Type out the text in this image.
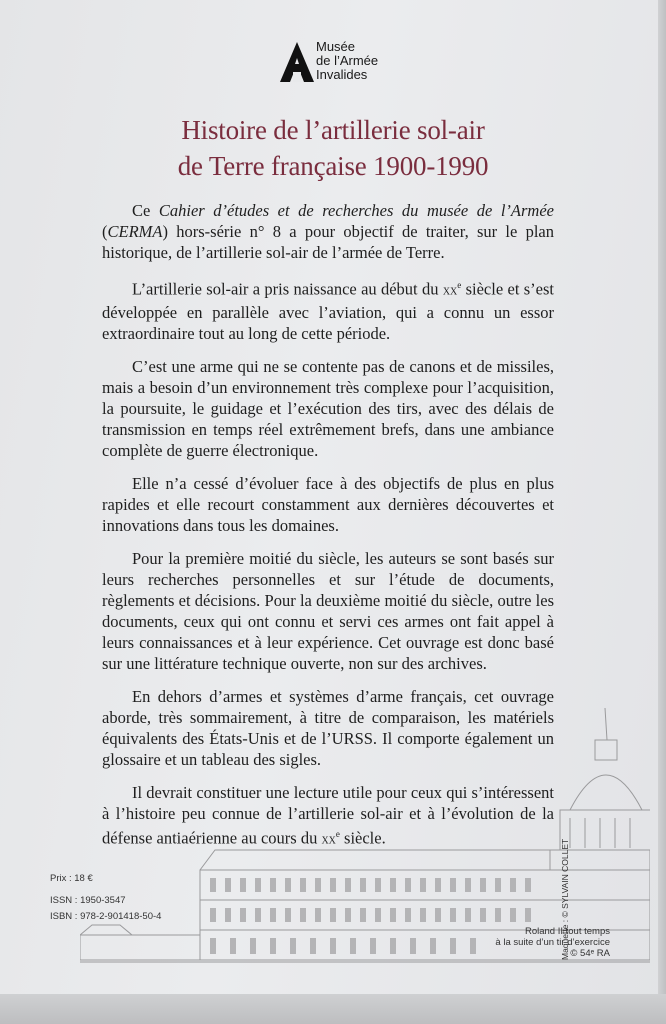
Musée
de l’Armée
Invalides
Histoire de l’artillerie sol-air
de Terre française 1900-1990

Ce Cahier d’études et de recherches du musée de l’Armée (CERMA) hors-série n° 8 a pour objectif de traiter, sur le plan historique, de l’artillerie sol-air de l’armée de Terre.

L’artillerie sol-air a pris naissance au début du $xx^e$ siècle et s’est développée en parallèle avec l’aviation, qui a connu un essor extraordinaire tout au long de cette période.

C’est une arme qui ne se contente pas de canons et de missiles, mais a besoin d’un environnement très complexe pour l’acquisition, la poursuite, le guidage et l’exécution des tirs, avec des délais de transmission en temps réel extrêmement brefs, dans une ambiance complète de guerre électronique.

Elle n’a cessé d’évoluer face à des objectifs de plus en plus rapides et elle recourt constamment aux dernières découvertes et innovations dans tous les domaines.

Pour la première moitié du siècle, les auteurs se sont basés sur leurs recherches personnelles et sur l’étude de documents, règlements et décisions. Pour la deuxième moitié du siècle, outre les documents, ceux qui ont connu et servi ces armes ont fait appel à leurs connaissances et à leur expérience. Cet ouvrage est donc basé sur une littérature technique ouverte, non sur des archives.

En dehors d’armes et systèmes d’arme français, cet ouvrage aborde, très sommairement, à titre de comparaison, les matériels équivalents des États-Unis et de l’URSS. Il comporte également un glossaire et un tableau des sigles.

Il devrait constituer une lecture utile pour ceux qui s’intéressent à l’histoire peu connue de l’artillerie sol-air et à l’évolution de la défense antiaérienne au cours du $xx^e$ siècle.

Prix : 18 €
ISSN : 1950-3547
ISBN : 978-2-901418-50-4
Roland II tout temps
à la suite d’un tir d’exercice
© 54ᵉ RA
Maquette : © SYLVAIN COLLET
